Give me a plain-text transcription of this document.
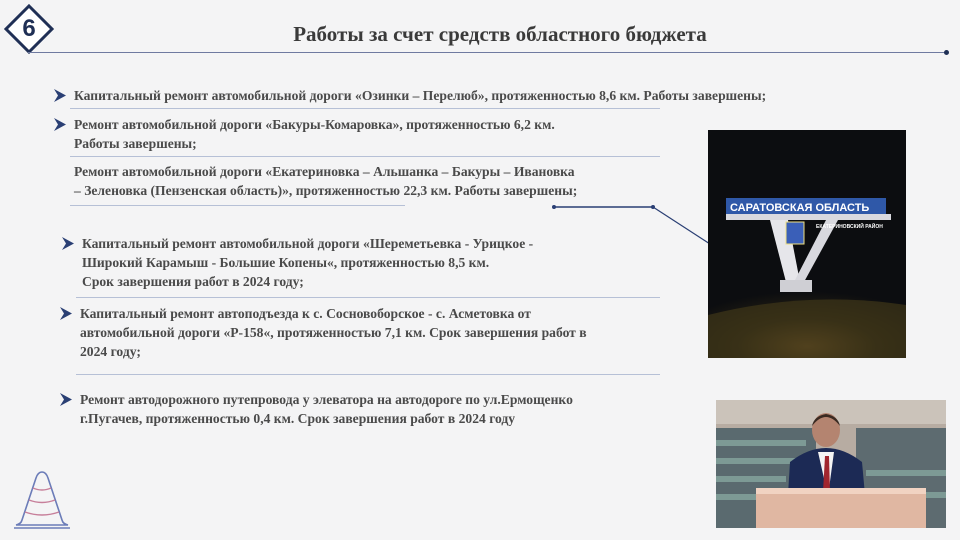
6	Работы за счет средств областного бюджета
Капитальный ремонт автомобильной дороги «Озинки – Перелюб», протяженностью 8,6 км. Работы завершены;
Ремонт автомобильной дороги «Бакуры-Комаровка», протяженностью 6,2 км.
Работы завершены;
Ремонт автомобильной дороги «Екатериновка – Альшанка – Бакуры – Ивановка
– Зеленовка (Пензенская область)», протяженностью 22,3 км. Работы завершены;
Капитальный ремонт автомобильной дороги «Шереметьевка - Урицкое -
Широкий Карамыш - Большие Копены«, протяженностью 8,5 км.
Срок завершения работ в 2024 году;
Капитальный ремонт автоподъезда к с. Сосновоборское - с. Асметовка от
автомобильной дороги «Р-158«, протяженностью 7,1 км. Срок завершения работ в
2024 году;
Ремонт автодорожного путепровода у элеватора на автодороге по ул.Ермощенко
г.Пугачев, протяженностью 0,4 км. Срок завершения работ в 2024 году
САРАТОВСКАЯ ОБЛАСТЬ
ЕКАТЕРИНОВСКИЙ РАЙОН
